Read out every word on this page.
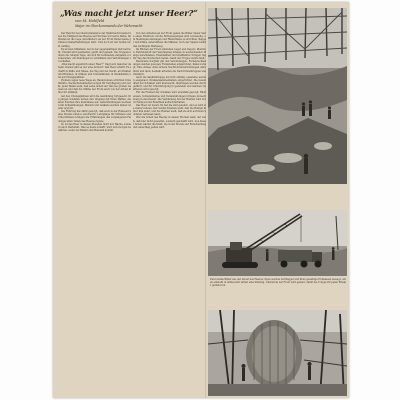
„Was macht jetzt unser Heer?“
von M. Hohlfeld
Major im Oberkommando der Wehrmacht

Der Bericht des Oberkommandos der Wehrmacht meldet über die Tätigkeit des Heeres seit Wochen nur kurze Sätze. Im Westen ist die Lage unverändert, an der Front finden keine größeren Kampfhandlungen statt. Und doch ist der Soldat nicht untätig.

Es ist kein Stillstand, der in der gegenwärtigen Zeit herrscht. Überall wird gearbeitet, geübt und gebaut. Die Truppen nutzen die ruhigen Tage, um sich für kommende Aufgaben vorzubereiten, um Stellungen zu verstärken und Verbindungen zu schaffen.

„Was macht eigentlich unser Heer?“ fragt sich mancher daheim. Darauf gibt es nur eine Antwort: Das Heer schafft. Es schafft in Kälte und Nässe, bei Tag und bei Nacht, an Straßen und Brücken, in Gräben und Unterständen, in Werkstätten und auf Übungsplätzen.

Pioniere legen neue Wege an, Baukolonnen errichten Unterkünfte, Nachschubeinheiten sorgen für Verpflegung und Gerät. Jeder Mann weiß, daß seine Arbeit ein Teil des großen Ganzen ist und daß die Stärke der Front auch von der Arbeit hinter ihr abhängt.

Auf den Übungsplätzen wird die Ausbildung fortgesetzt. Die jungen Soldaten lernen den Umgang mit ihren Waffen, die alten frischen ihre Kenntnisse auf. Gefechtsübungen wechseln mit Schießübungen, Marsch und Gelände werden immer wieder erprobt.

Die Führung hat dafür gesorgt, daß auch in der Ruhezeit keine Stunde nutzlos verstreicht. Lehrgänge für Offiziere und Unteroffiziere bringen die Erfahrungen des vergangenen Feldzuges allen Teilen des Heeres zugute.

So ist das Heer in diesen Monaten nicht nur Wache, sondern auch Werkstatt. Was es heute schafft, wird sich morgen bewähren, wenn der Befehl zum Handeln kommt.

Von den Arbeiten an der Front geben die Bilder dieser Seite einen Eindruck. Große Erdbewegungen sind notwendig, um Stellungen anzulegen und Hindernisse zu errichten. Bagger und Kräne unterstützen die Männer, doch der Spaten bleibt das wichtigste Werkzeug.

Im Rücken der Front entstehen Lager und Depots. Munition, Betriebsstoff und Verpflegung müssen in ausreichender Menge bereitstehen. Eisenbahner und Kraftfahrer bringen Tag für Tag den Nachschub heran, damit der Truppe nichts fehlt.

Besondere Sorgfalt gilt den Verbindungen. Fernsprechleitungen werden gezogen, Funkstellen eingerichtet, Kabel verlegt. Eine Armee ohne sichere Nachrichtenverbindungen wäre blind und taub; deshalb arbeiten die Nachrichtentruppen unermüdlich.

Auch die Sanitätstruppe ist nicht untätig. Lazarette werden ausgebaut, Krankensammelstellen eingerichtet. Die Gesundheit der Soldaten wird überwacht, Impfungen werden durchgeführt, und für Unterbringung in gesunden und warmen Quartieren wird gesorgt.

Für die Freizeit der Soldaten wird ebenfalls gesorgt. Büchereien, Soldatenheime und Veranstaltungen bringen Abwechslung in den Dienst. Die Verbindung mit der Heimat wird durch Feldpost und Rundfunk aufrechterhalten.

Das Heer ist bereit. Es hat die Zeit genutzt, und es wird sie weiter nutzen. Der Soldat draußen weiß, daß die Heimat hinter ihm steht, und die Heimat weiß, daß sie sich auf ihren Soldaten verlassen kann.

Wer die Arbeit des Heeres in diesen Wochen sieht, der weiß, daß hier nicht gewartet, sondern geschafft wird. Aus dieser Arbeit wächst die Kraft, die in der Stunde der Entscheidung den Ausschlag geben wird.

Zwei starke Bilder aus der Arbeit des Heeres: Oben werden mit Bagger und Kran gewaltige Erdmassen bewegt, unten entsteht in mühevoller Arbeit eine Stellung. Überall an der Front wird gebaut, damit die Truppe für jeden Einsatz gerüstet ist.
